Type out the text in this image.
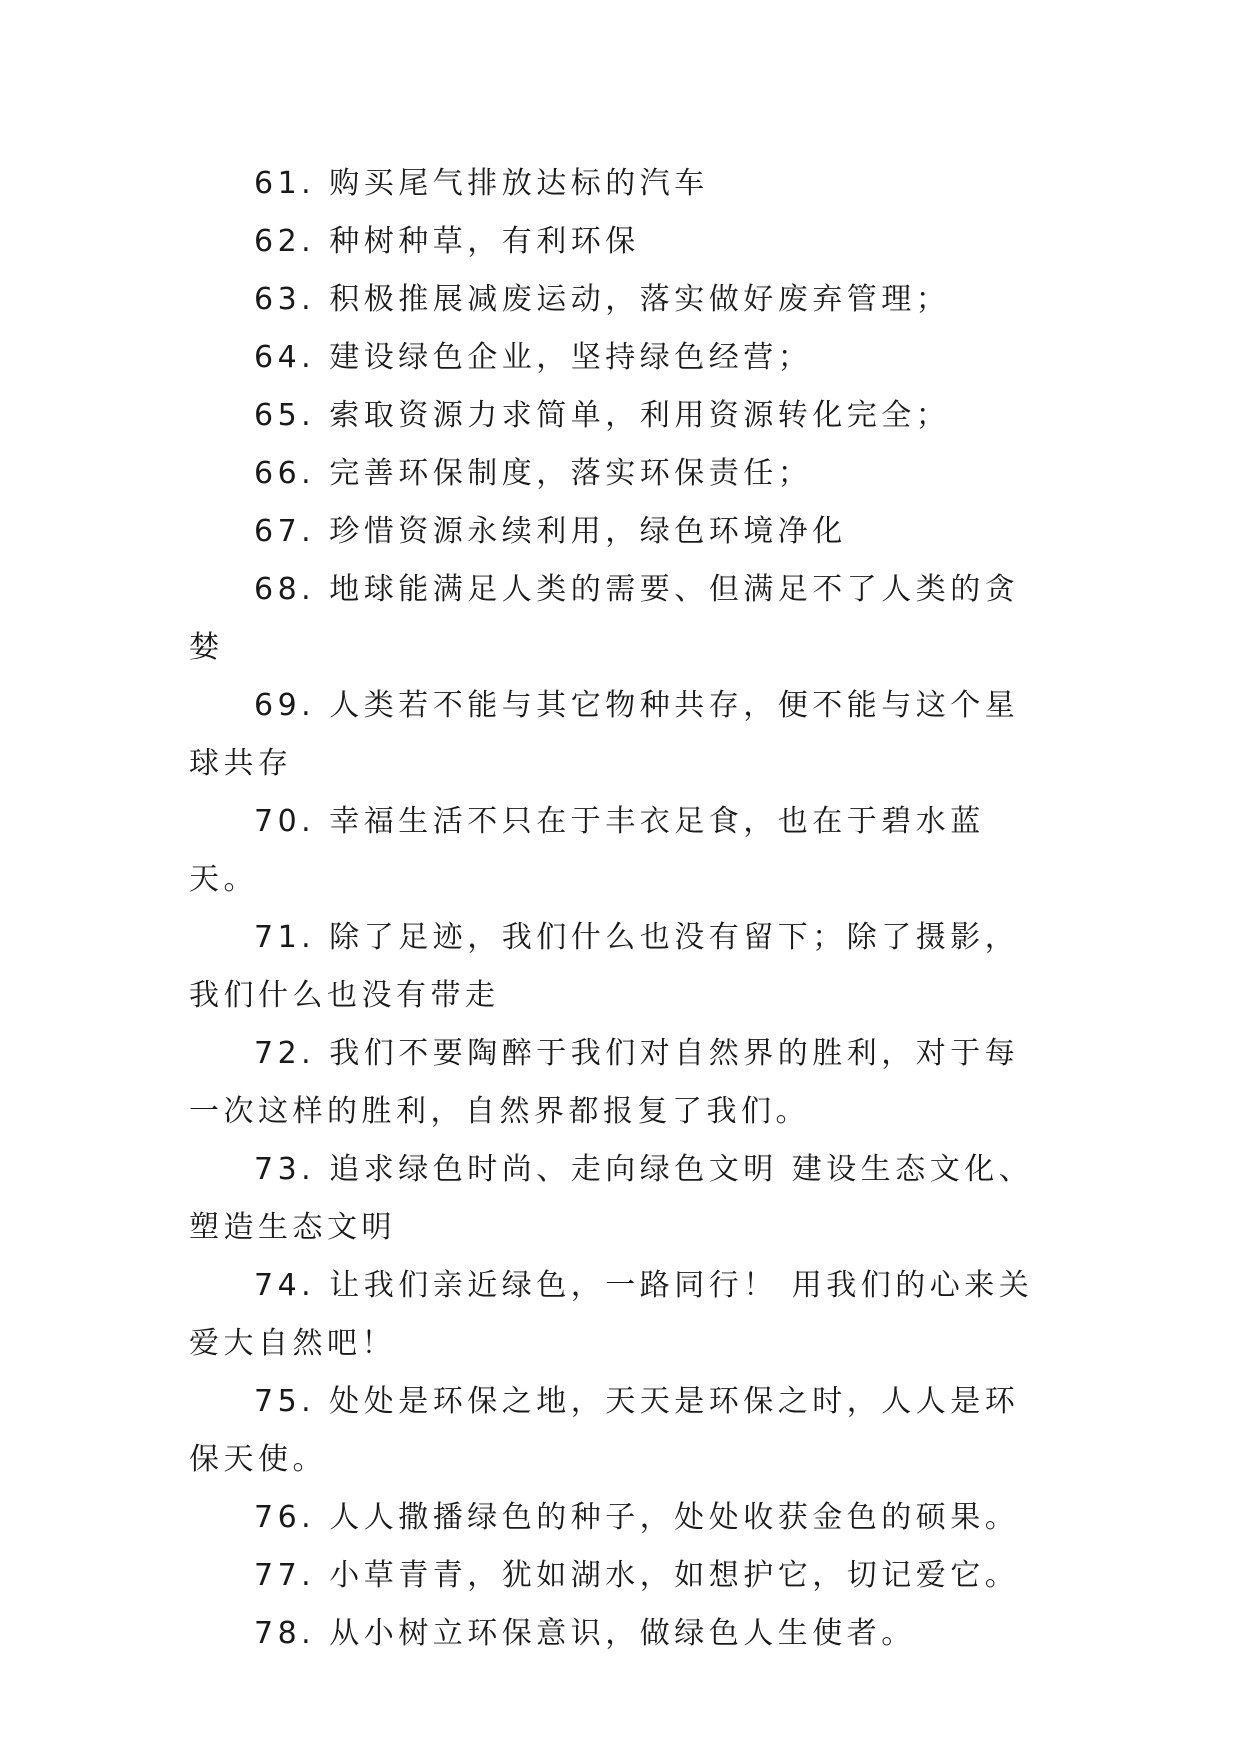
61. 购买尾气排放达标的汽车

62. 种树种草，有利环保

63. 积极推展减废运动，落实做好废弃管理；

64. 建设绿色企业，坚持绿色经营；

65. 索取资源力求简单，利用资源转化完全；

66. 完善环保制度，落实环保责任；

67. 珍惜资源永续利用，绿色环境净化

68. 地球能满足人类的需要、但满足不了人类的贪婪

69. 人类若不能与其它物种共存，便不能与这个星球共存

70. 幸福生活不只在于丰衣足食，也在于碧水蓝天。

71. 除了足迹，我们什么也没有留下；除了摄影，我们什么也没有带走

72. 我们不要陶醉于我们对自然界的胜利，对于每一次这样的胜利，自然界都报复了我们。

73. 追求绿色时尚、走向绿色文明 建设生态文化、塑造生态文明

74. 让我们亲近绿色，一路同行！ 用我们的心来关爱大自然吧！

75. 处处是环保之地，天天是环保之时，人人是环保天使。

76. 人人撒播绿色的种子，处处收获金色的硕果。

77. 小草青青，犹如湖水，如想护它，切记爱它。

78. 从小树立环保意识，做绿色人生使者。
